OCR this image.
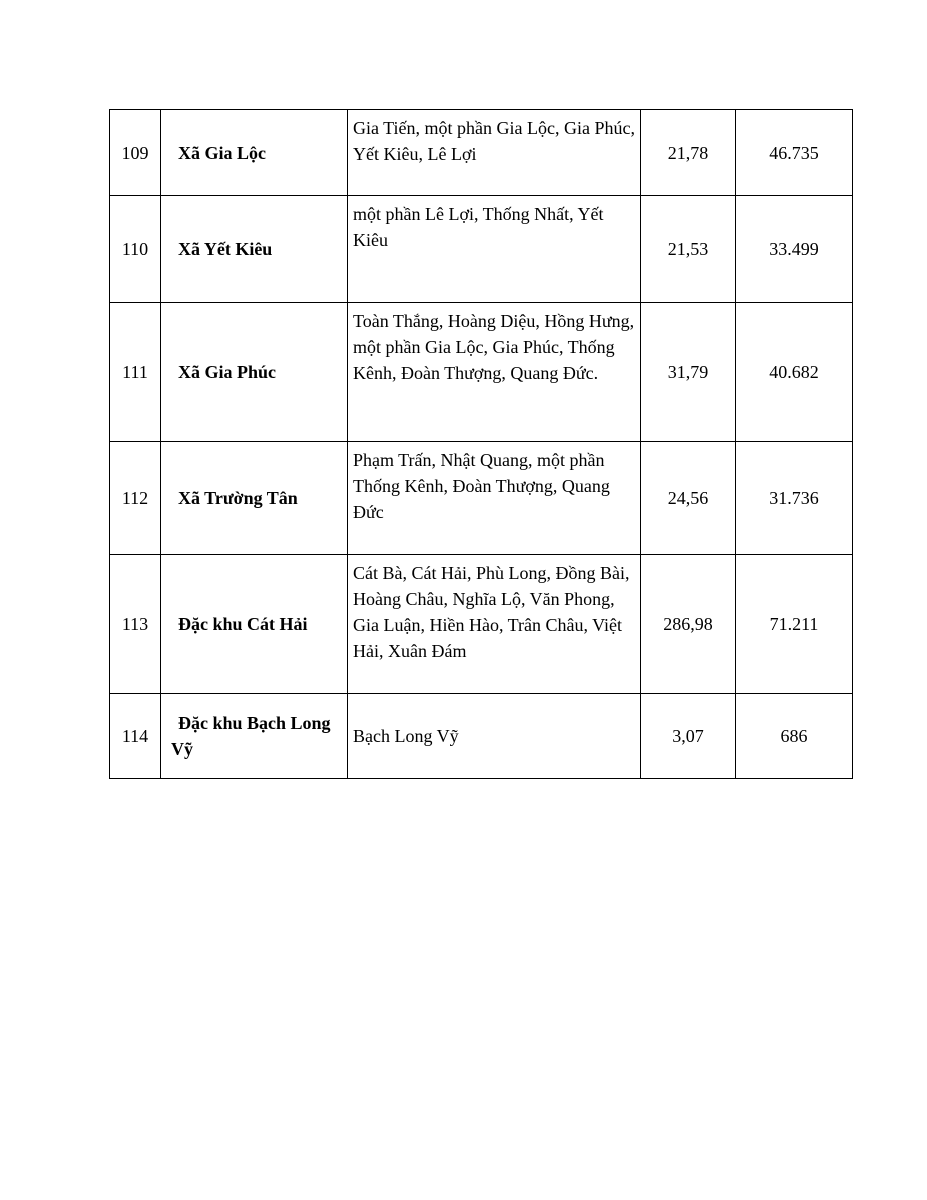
109	Xã Gia Lộc	Gia Tiến, một phần Gia Lộc, Gia Phúc, Yết Kiêu, Lê Lợi	21,78	46.735
110	Xã Yết Kiêu	một phần Lê Lợi, Thống Nhất, Yết Kiêu	21,53	33.499
111	Xã Gia Phúc	Toàn Thắng, Hoàng Diệu, Hồng Hưng, một phần Gia Lộc, Gia Phúc, Thống Kênh, Đoàn Thượng, Quang Đức.	31,79	40.682
112	Xã Trường Tân	Phạm Trấn, Nhật Quang, một phần Thống Kênh, Đoàn Thượng, Quang Đức	24,56	31.736
113	Đặc khu Cát Hải	Cát Bà, Cát Hải, Phù Long, Đồng Bài, Hoàng Châu, Nghĩa Lộ, Văn Phong, Gia Luận, Hiền Hào, Trân Châu, Việt Hải, Xuân Đám	286,98	71.211
114	Đặc khu Bạch Long Vỹ	Bạch Long Vỹ	3,07	686
